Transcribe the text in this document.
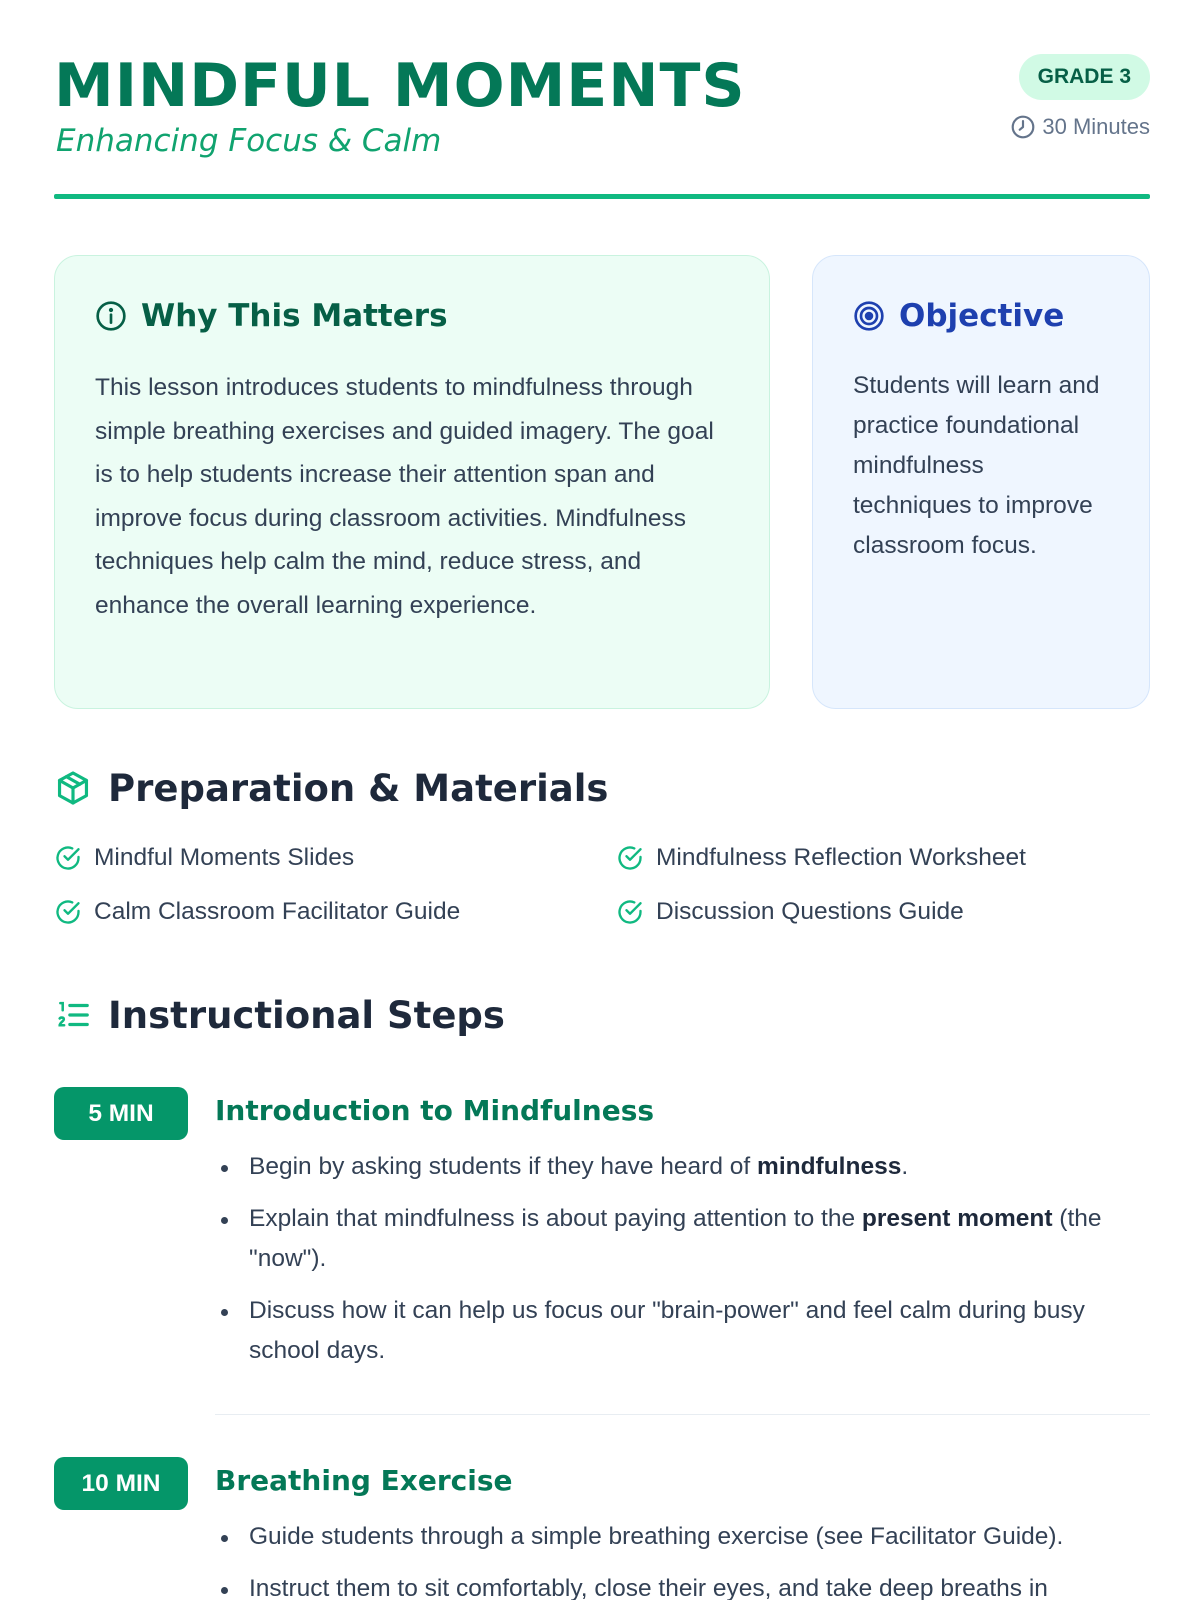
MINDFUL MOMENTS
Enhancing Focus & Calm
GRADE 3
30 Minutes
Why This Matters

This lesson introduces students to mindfulness through simple breathing exercises and guided imagery. The goal is to help students increase their attention span and improve focus during classroom activities. Mindfulness techniques help calm the mind, reduce stress, and enhance the overall learning experience.

Objective

Students will learn and practice foundational mindfulness techniques to improve classroom focus.

Preparation & Materials
Mindful Moments Slides	Mindfulness Reflection Worksheet
Calm Classroom Facilitator Guide	Discussion Questions Guide
Instructional Steps
5 MIN	Introduction to Mindfulness
Begin by asking students if they have heard of mindfulness.
Explain that mindfulness is about paying attention to the present moment (the "now").
Discuss how it can help us focus our "brain-power" and feel calm during busy school days.
10 MIN	Breathing Exercise
Guide students through a simple breathing exercise (see Facilitator Guide).
Instruct them to sit comfortably, close their eyes, and take deep breaths in
